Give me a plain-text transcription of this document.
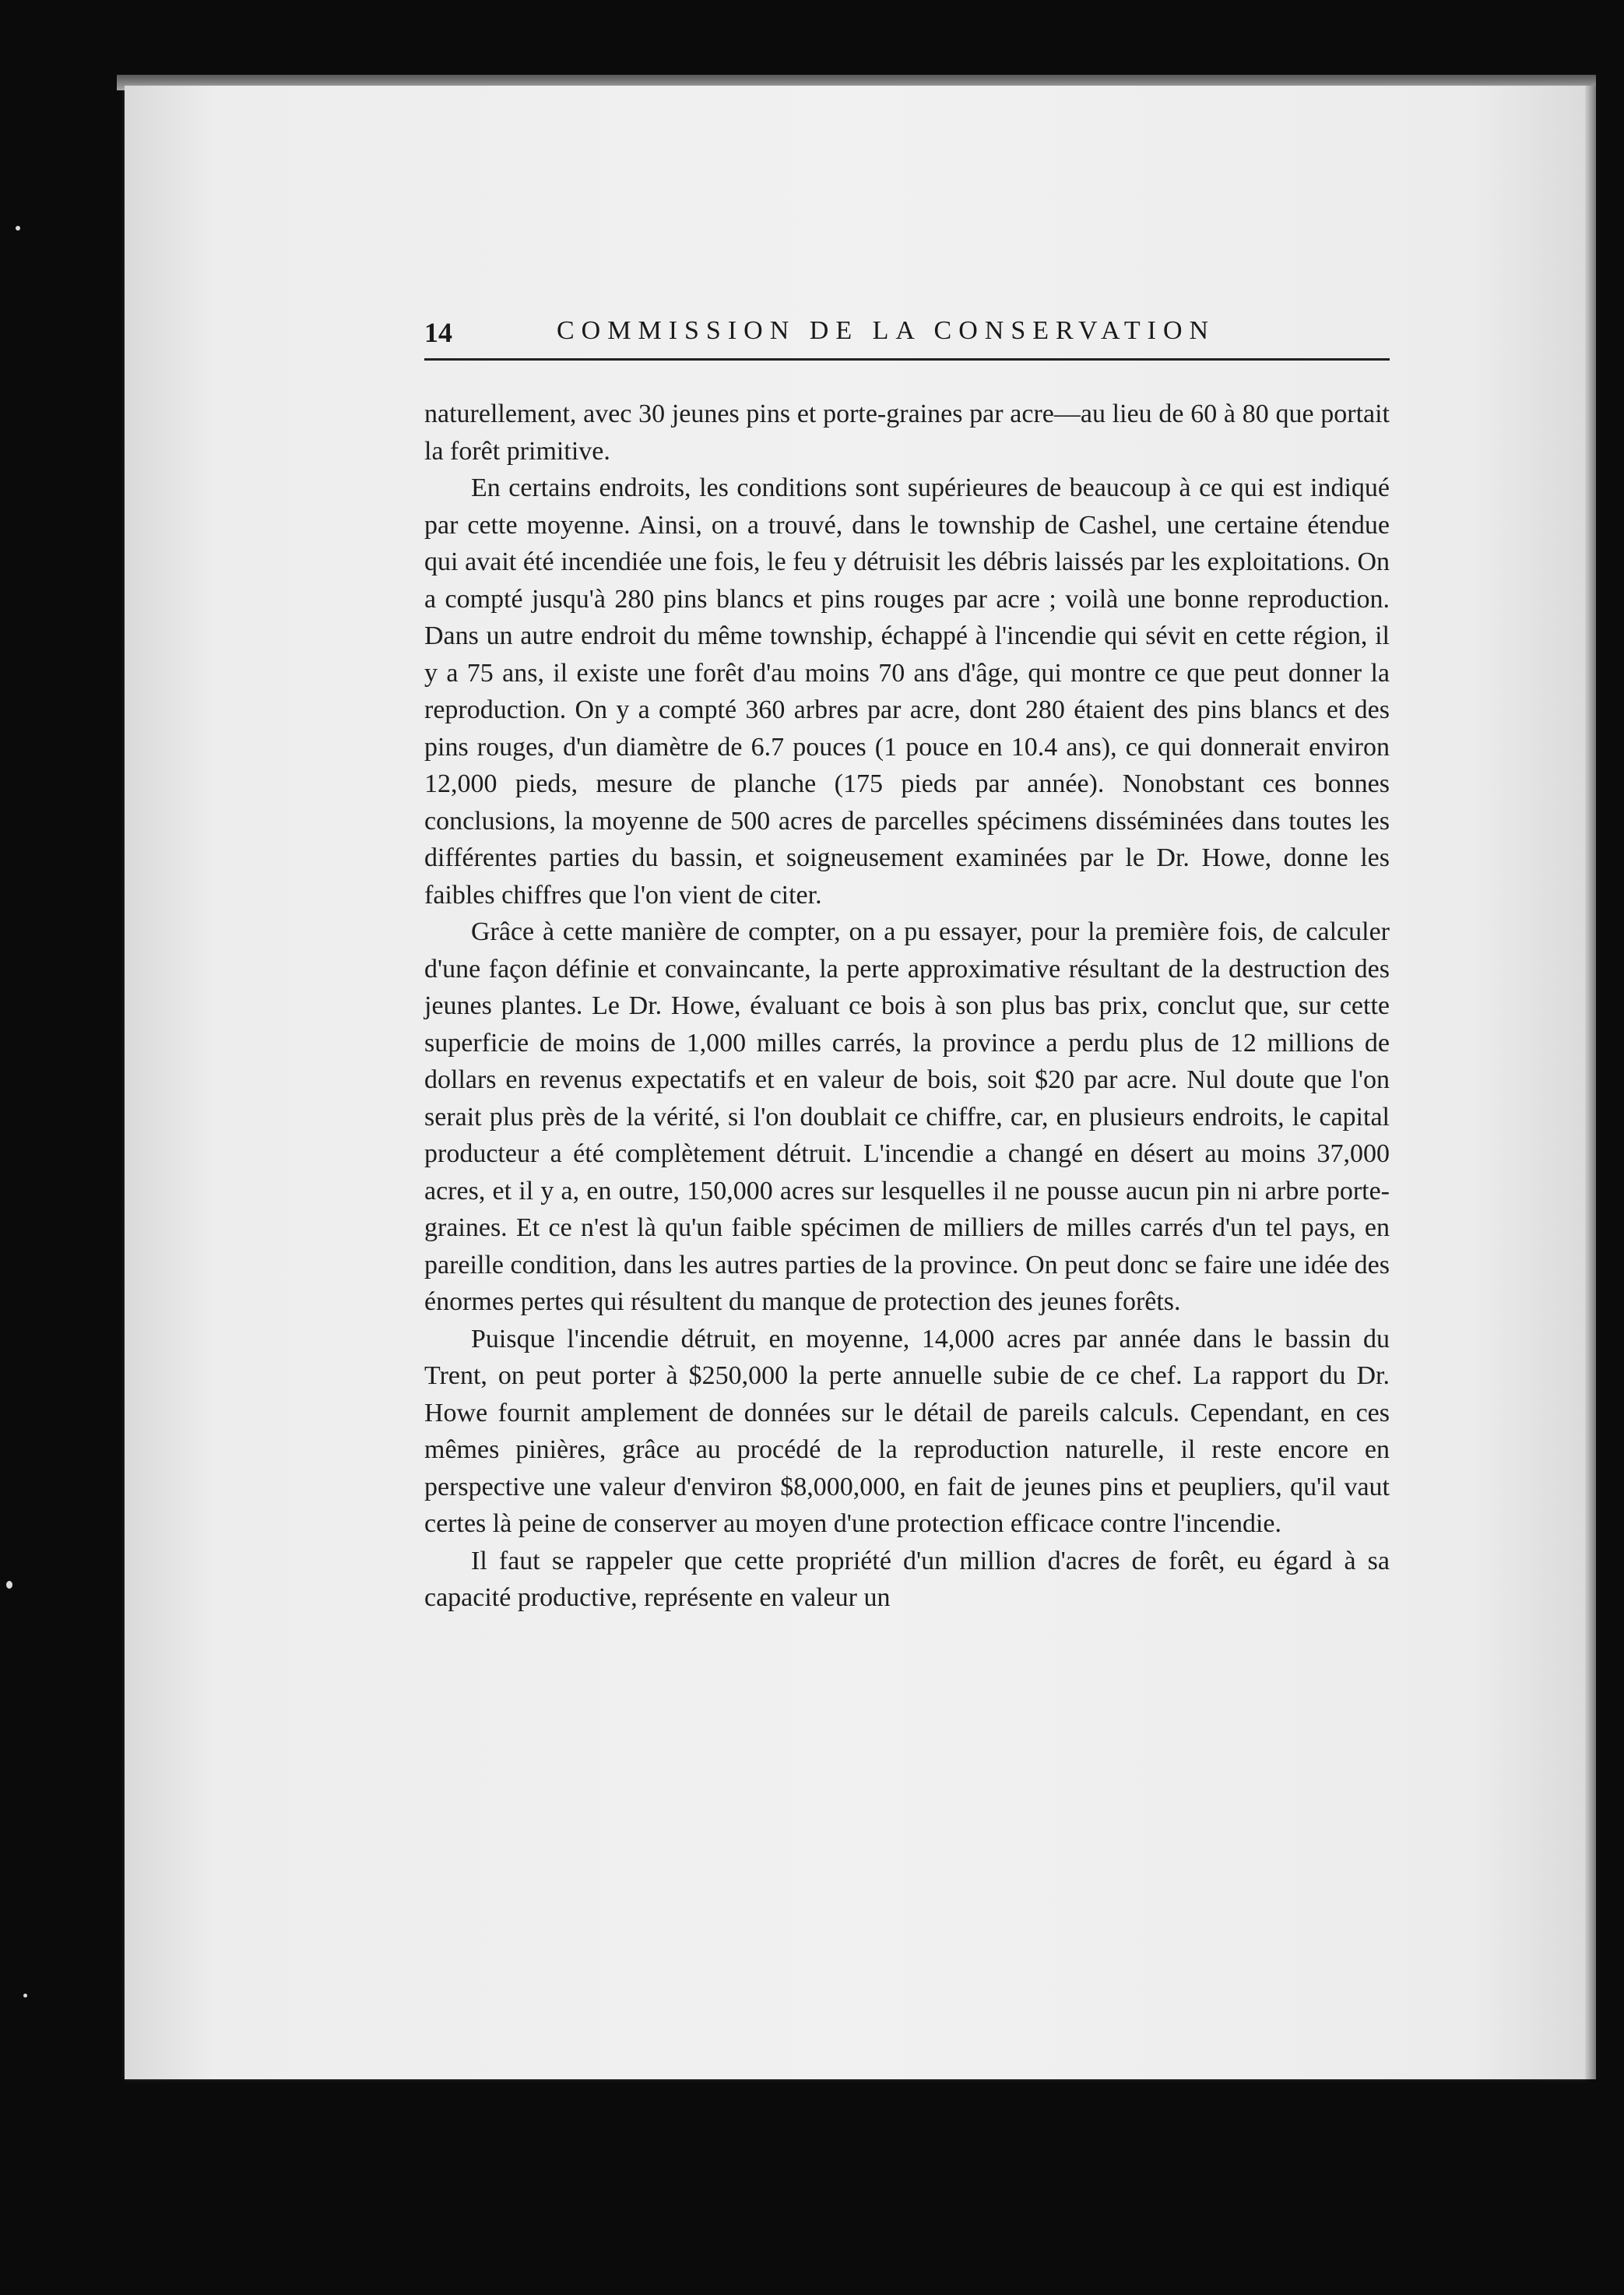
14	COMMISSION DE LA CONSERVATION

naturellement, avec 30 jeunes pins et porte-graines par acre—au lieu de 60 à 80 que portait la forêt primitive.

En certains endroits, les conditions sont supérieures de beaucoup à ce qui est indiqué par cette moyenne. Ainsi, on a trouvé, dans le township de Cashel, une certaine étendue qui avait été incendiée une fois, le feu y détruisit les débris laissés par les exploitations. On a compté jusqu'à 280 pins blancs et pins rouges par acre ; voilà une bonne reproduction. Dans un autre endroit du même township, échappé à l'incendie qui sévit en cette région, il y a 75 ans, il existe une forêt d'au moins 70 ans d'âge, qui montre ce que peut donner la reproduction. On y a compté 360 arbres par acre, dont 280 étaient des pins blancs et des pins rouges, d'un diamètre de 6.7 pouces (1 pouce en 10.4 ans), ce qui donnerait environ 12,000 pieds, mesure de planche (175 pieds par année). Nonobstant ces bonnes conclusions, la moyenne de 500 acres de parcelles spécimens disséminées dans toutes les différentes parties du bassin, et soigneusement examinées par le Dr. Howe, donne les faibles chiffres que l'on vient de citer.

Grâce à cette manière de compter, on a pu essayer, pour la première fois, de calculer d'une façon définie et convaincante, la perte approximative résultant de la destruction des jeunes plantes. Le Dr. Howe, évaluant ce bois à son plus bas prix, conclut que, sur cette superficie de moins de 1,000 milles carrés, la province a perdu plus de 12 millions de dollars en revenus expectatifs et en valeur de bois, soit $20 par acre. Nul doute que l'on serait plus près de la vérité, si l'on doublait ce chiffre, car, en plusieurs endroits, le capital producteur a été complètement détruit. L'incendie a changé en désert au moins 37,000 acres, et il y a, en outre, 150,000 acres sur lesquelles il ne pousse aucun pin ni arbre porte-graines. Et ce n'est là qu'un faible spécimen de milliers de milles carrés d'un tel pays, en pareille condition, dans les autres parties de la province. On peut donc se faire une idée des énormes pertes qui résultent du manque de protection des jeunes forêts.

Puisque l'incendie détruit, en moyenne, 14,000 acres par année dans le bassin du Trent, on peut porter à $250,000 la perte annuelle subie de ce chef. La rapport du Dr. Howe fournit amplement de données sur le détail de pareils calculs. Cependant, en ces mêmes pinières, grâce au procédé de la reproduction naturelle, il reste encore en perspective une valeur d'environ $8,000,000, en fait de jeunes pins et peupliers, qu'il vaut certes là peine de conserver au moyen d'une protection efficace contre l'incendie.

Il faut se rappeler que cette propriété d'un million d'acres de forêt, eu égard à sa capacité productive, représente en valeur un
